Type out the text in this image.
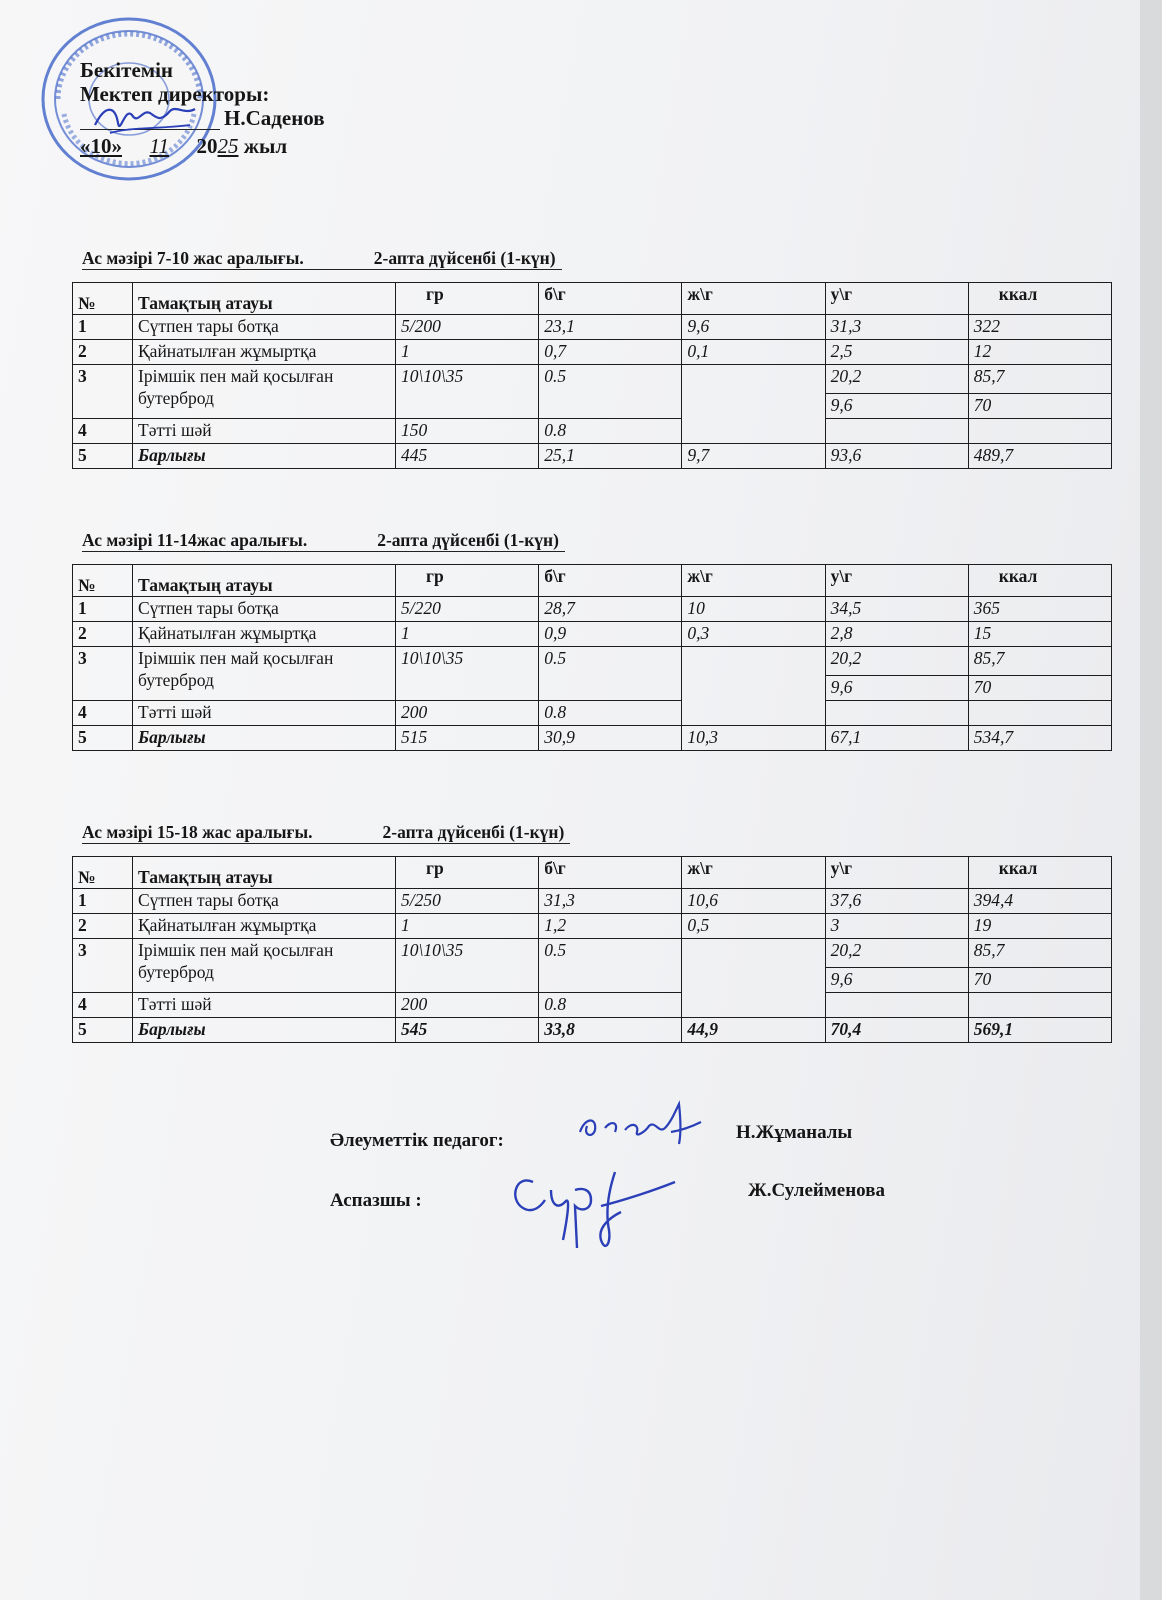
Бекітемін
Мектеп директоры:
Н.Саденов
«10» 11 2025 жыл
Ас мәзірі 7-10 жас аралығы.	2-апта дүйсенбі (1-күн)
№	Тамақтың атауы	гр	б\г	ж\г	у\г	ккал
1	Сүтпен тары ботқа	5/200	23,1	9,6	31,3	322
2	Қайнатылған жұмыртқа	1	0,7	0,1	2,5	12
3	Ірімшік пен май қосылған бутерброд	10\10\35	0.5		20,2	85,7
					9,6	70
4	Тәтті шәй	150	0.8			
5	Барлығы	445	25,1	9,7	93,6	489,7
Ас мәзірі 11-14жас аралығы.	2-апта дүйсенбі (1-күн)
№	Тамақтың атауы	гр	б\г	ж\г	у\г	ккал
1	Сүтпен тары ботқа	5/220	28,7	10	34,5	365
2	Қайнатылған жұмыртқа	1	0,9	0,3	2,8	15
3	Ірімшік пен май қосылған бутерброд	10\10\35	0.5		20,2	85,7
					9,6	70
4	Тәтті шәй	200	0.8			
5	Барлығы	515	30,9	10,3	67,1	534,7
Ас мәзірі 15-18 жас аралығы.	2-апта дүйсенбі (1-күн)
№	Тамақтың атауы	гр	б\г	ж\г	у\г	ккал
1	Сүтпен тары ботқа	5/250	31,3	10,6	37,6	394,4
2	Қайнатылған жұмыртқа	1	1,2	0,5	3	19
3	Ірімшік пен май қосылған бутерброд	10\10\35	0.5		20,2	85,7
					9,6	70
4	Тәтті шәй	200	0.8			
5	Барлығы	545	33,8	44,9	70,4	569,1
Әлеуметтік педагог:	Н.Жұманалы
Аспазшы :	Ж.Сулейменова
